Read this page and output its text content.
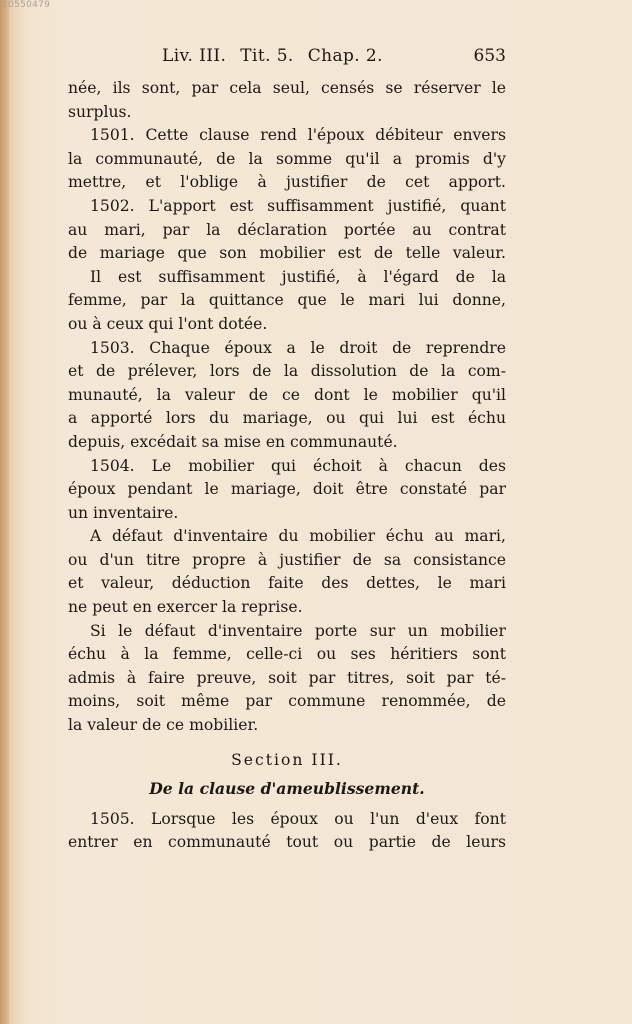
10550479
Liv. III. Tit. 5. Chap. 2.	653
née, ils sont, par cela seul, censés se réserver le
surplus.
1501. Cette clause rend l'époux débiteur envers
la communauté, de la somme qu'il a promis d'y
mettre, et l'oblige à justifier de cet apport.
1502. L'apport est suffisamment justifié, quant
au mari, par la déclaration portée au contrat
de mariage que son mobilier est de telle valeur.
Il est suffisamment justifié, à l'égard de la
femme, par la quittance que le mari lui donne,
ou à ceux qui l'ont dotée.
1503. Chaque époux a le droit de reprendre
et de prélever, lors de la dissolution de la com-
munauté, la valeur de ce dont le mobilier qu'il
a apporté lors du mariage, ou qui lui est échu
depuis, excédait sa mise en communauté.
1504. Le mobilier qui échoit à chacun des
époux pendant le mariage, doit être constaté par
un inventaire.
A défaut d'inventaire du mobilier échu au mari,
ou d'un titre propre à justifier de sa consistance
et valeur, déduction faite des dettes, le mari
ne peut en exercer la reprise.
Si le défaut d'inventaire porte sur un mobilier
échu à la femme, celle-ci ou ses héritiers sont
admis à faire preuve, soit par titres, soit par té-
moins, soit même par commune renommée, de
la valeur de ce mobilier.
Section III.
De la clause d'ameublissement.
1505. Lorsque les époux ou l'un d'eux font
entrer en communauté tout ou partie de leurs
